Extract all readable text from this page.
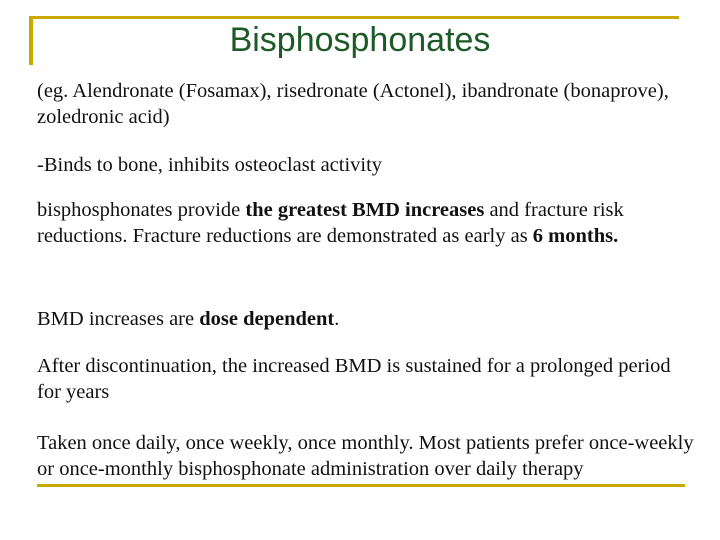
Bisphosphonates

(eg. Alendronate (Fosamax), risedronate (Actonel), ibandronate (bonaprove), zoledronic acid)

-Binds to bone, inhibits osteoclast activity

bisphosphonates provide the greatest BMD increases and fracture risk reductions. Fracture reductions are demonstrated as early as 6 months.

BMD increases are dose dependent.

After discontinuation, the increased BMD is sustained for a prolonged period for years

Taken once daily, once weekly, once monthly. Most patients prefer once-weekly or once-monthly bisphosphonate administration over daily therapy
